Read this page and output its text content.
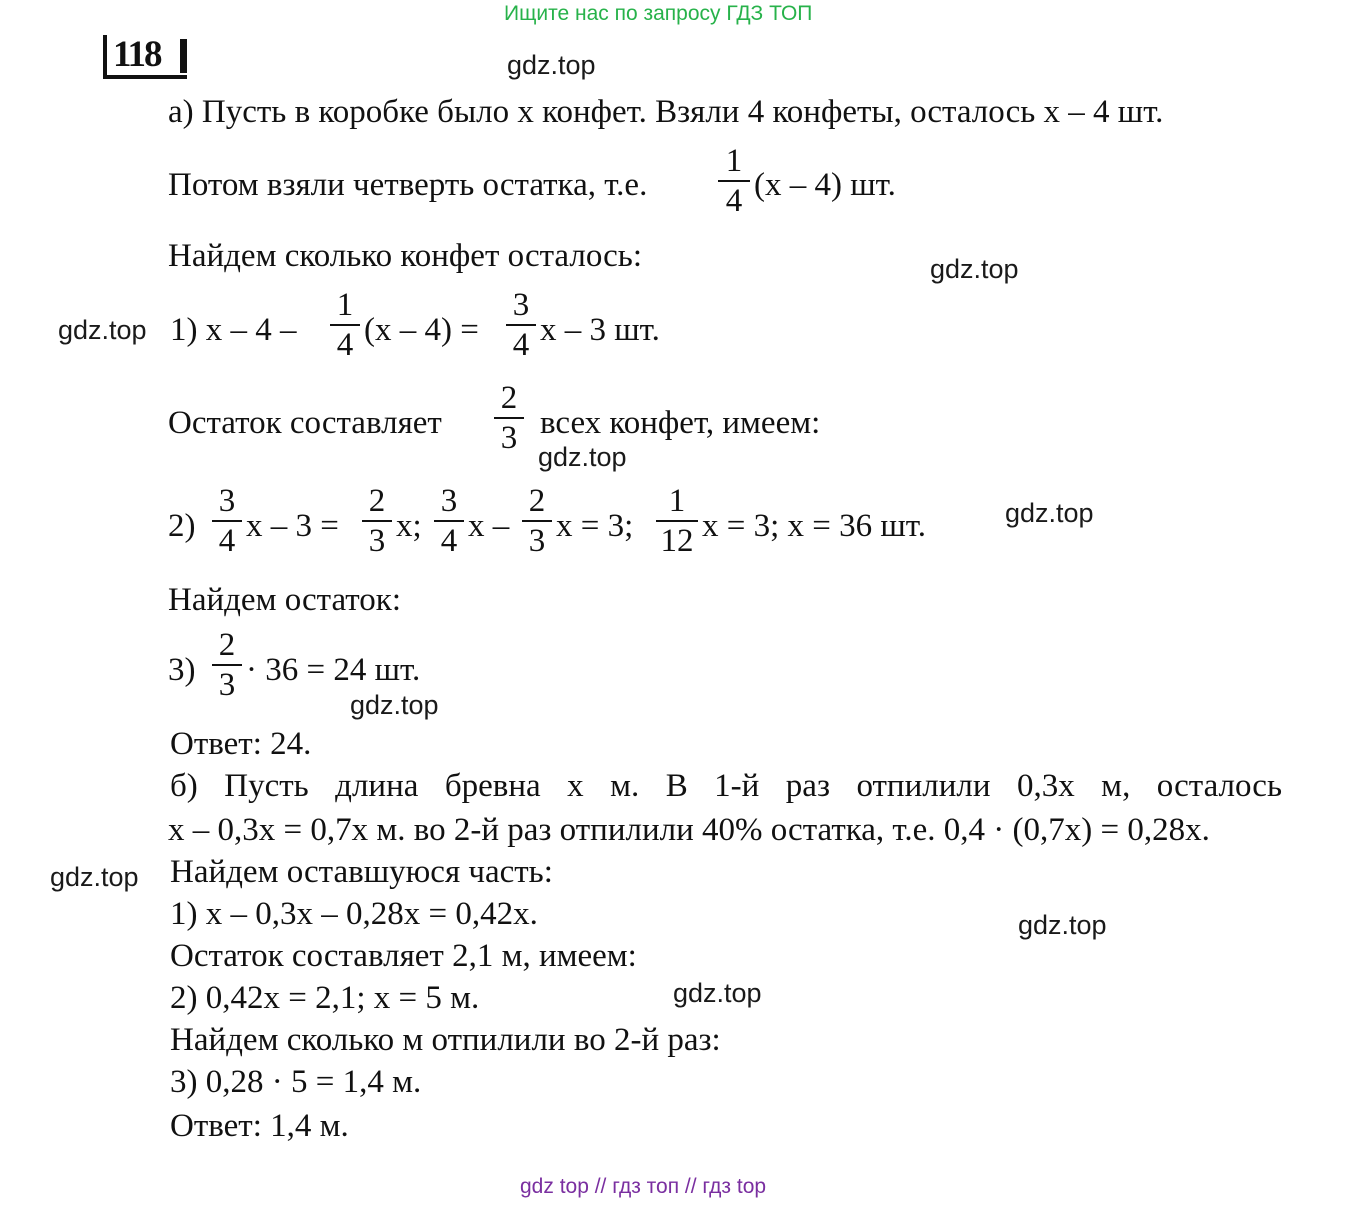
Ищите нас по запросу ГДЗ ТОП
118	gdz.top
gdz.top
gdz.top
gdz.top
gdz.top
gdz.top
gdz.top
gdz.top
gdz.top
а) Пусть в коробке было x конфет. Взяли 4 конфеты, осталось x – 4 шт.
Потом взяли четверть остатка, т.е. $\frac{1}{4} (x - 4)$ шт.
Найдем сколько конфет осталось:
1) $x - 4 - \frac{1}{4} (x - 4) = \frac{3}{4}$ x – 3 шт.
Остаток составляет $\frac{2}{3}$ всех конфет, имеем:
$2) \frac{3}{4}$ $x - 3 = \frac{2}{3} x$; $\frac{3}{4}$ x – $\frac{2}{3}$ x = 3; $\frac{1}{12}$ x = 3; x = 36 шт.
Найдем остаток:
$3) \frac{2}{3} \cdot 36 = 24$ шт.
Ответ: 24.
б) Пусть длина бревна x м. В 1-й раз отпилили 0,3x м, осталось
x – 0,3x = 0,7x м. во 2-й раз отпилили 40% остатка, т.е. 0,4 · (0,7x) = 0,28x.
Найдем оставшуюся часть:
1) x – 0,3x – 0,28x = 0,42x.
Остаток составляет 2,1 м, имеем:
2) 0,42x = 2,1; x = 5 м.
Найдем сколько м отпилили во 2-й раз:
3) 0,28 · 5 = 1,4 м.
Ответ: 1,4 м.
gdz top // гдз топ // гдз top
